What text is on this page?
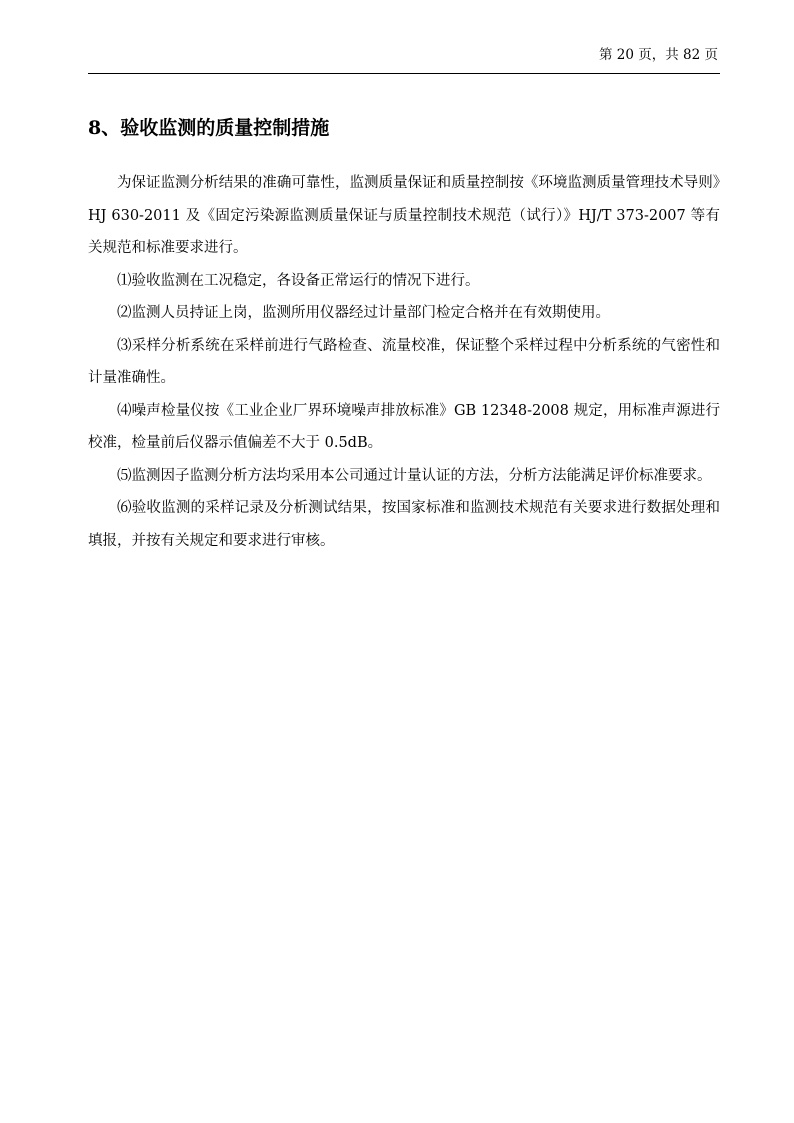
第 20 页，共 82 页
8、验收监测的质量控制措施

为保证监测分析结果的准确可靠性，监测质量保证和质量控制按《环境监测质量管理技术导则》HJ 630-2011 及《固定污染源监测质量保证与质量控制技术规范（试行）》HJ/T 373-2007 等有关规范和标准要求进行。

⑴验收监测在工况稳定，各设备正常运行的情况下进行。

⑵监测人员持证上岗，监测所用仪器经过计量部门检定合格并在有效期使用。

⑶采样分析系统在采样前进行气路检查、流量校准，保证整个采样过程中分析系统的气密性和计量准确性。

⑷噪声检量仪按《工业企业厂界环境噪声排放标准》GB 12348-2008 规定，用标准声源进行校准，检量前后仪器示值偏差不大于 0.5dB。

⑸监测因子监测分析方法均采用本公司通过计量认证的方法，分析方法能满足评价标准要求。

⑹验收监测的采样记录及分析测试结果，按国家标准和监测技术规范有关要求进行数据处理和填报，并按有关规定和要求进行审核。
